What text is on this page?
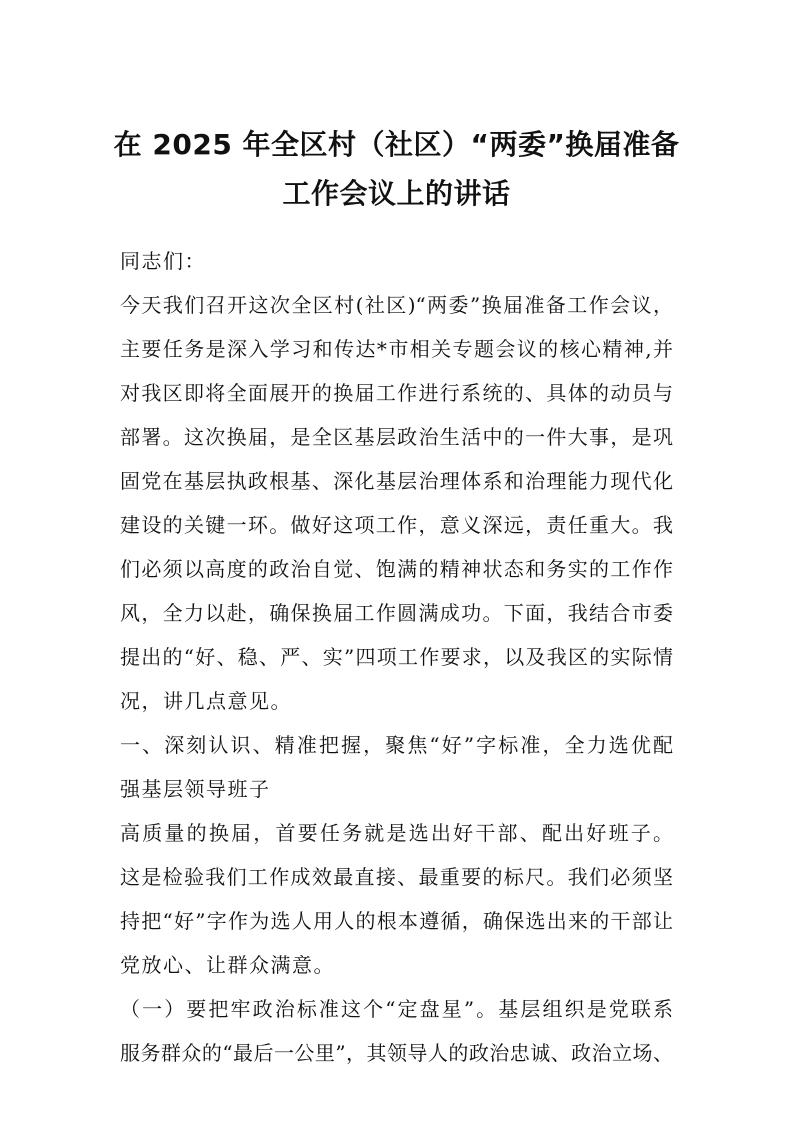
在 2025 年全区村（社区）“两委”换届准备
工作会议上的讲话
同志们：
今天我们召开这次全区村(社区)“两委”换届准备工作会议，
主要任务是深入学习和传达*市相关专题会议的核心精神,并
对我区即将全面展开的换届工作进行系统的、具体的动员与
部署。这次换届，是全区基层政治生活中的一件大事，是巩
固党在基层执政根基、深化基层治理体系和治理能力现代化
建设的关键一环。做好这项工作，意义深远，责任重大。我
们必须以高度的政治自觉、饱满的精神状态和务实的工作作
风，全力以赴，确保换届工作圆满成功。下面，我结合市委
提出的“好、稳、严、实”四项工作要求，以及我区的实际情
况，讲几点意见。
一、深刻认识、精准把握，聚焦“好”字标准，全力选优配
强基层领导班子
高质量的换届，首要任务就是选出好干部、配出好班子。
这是检验我们工作成效最直接、最重要的标尺。我们必须坚
持把“好”字作为选人用人的根本遵循，确保选出来的干部让
党放心、让群众满意。
（一）要把牢政治标准这个“定盘星”。基层组织是党联系
服务群众的“最后一公里”，其领导人的政治忠诚、政治立场、
